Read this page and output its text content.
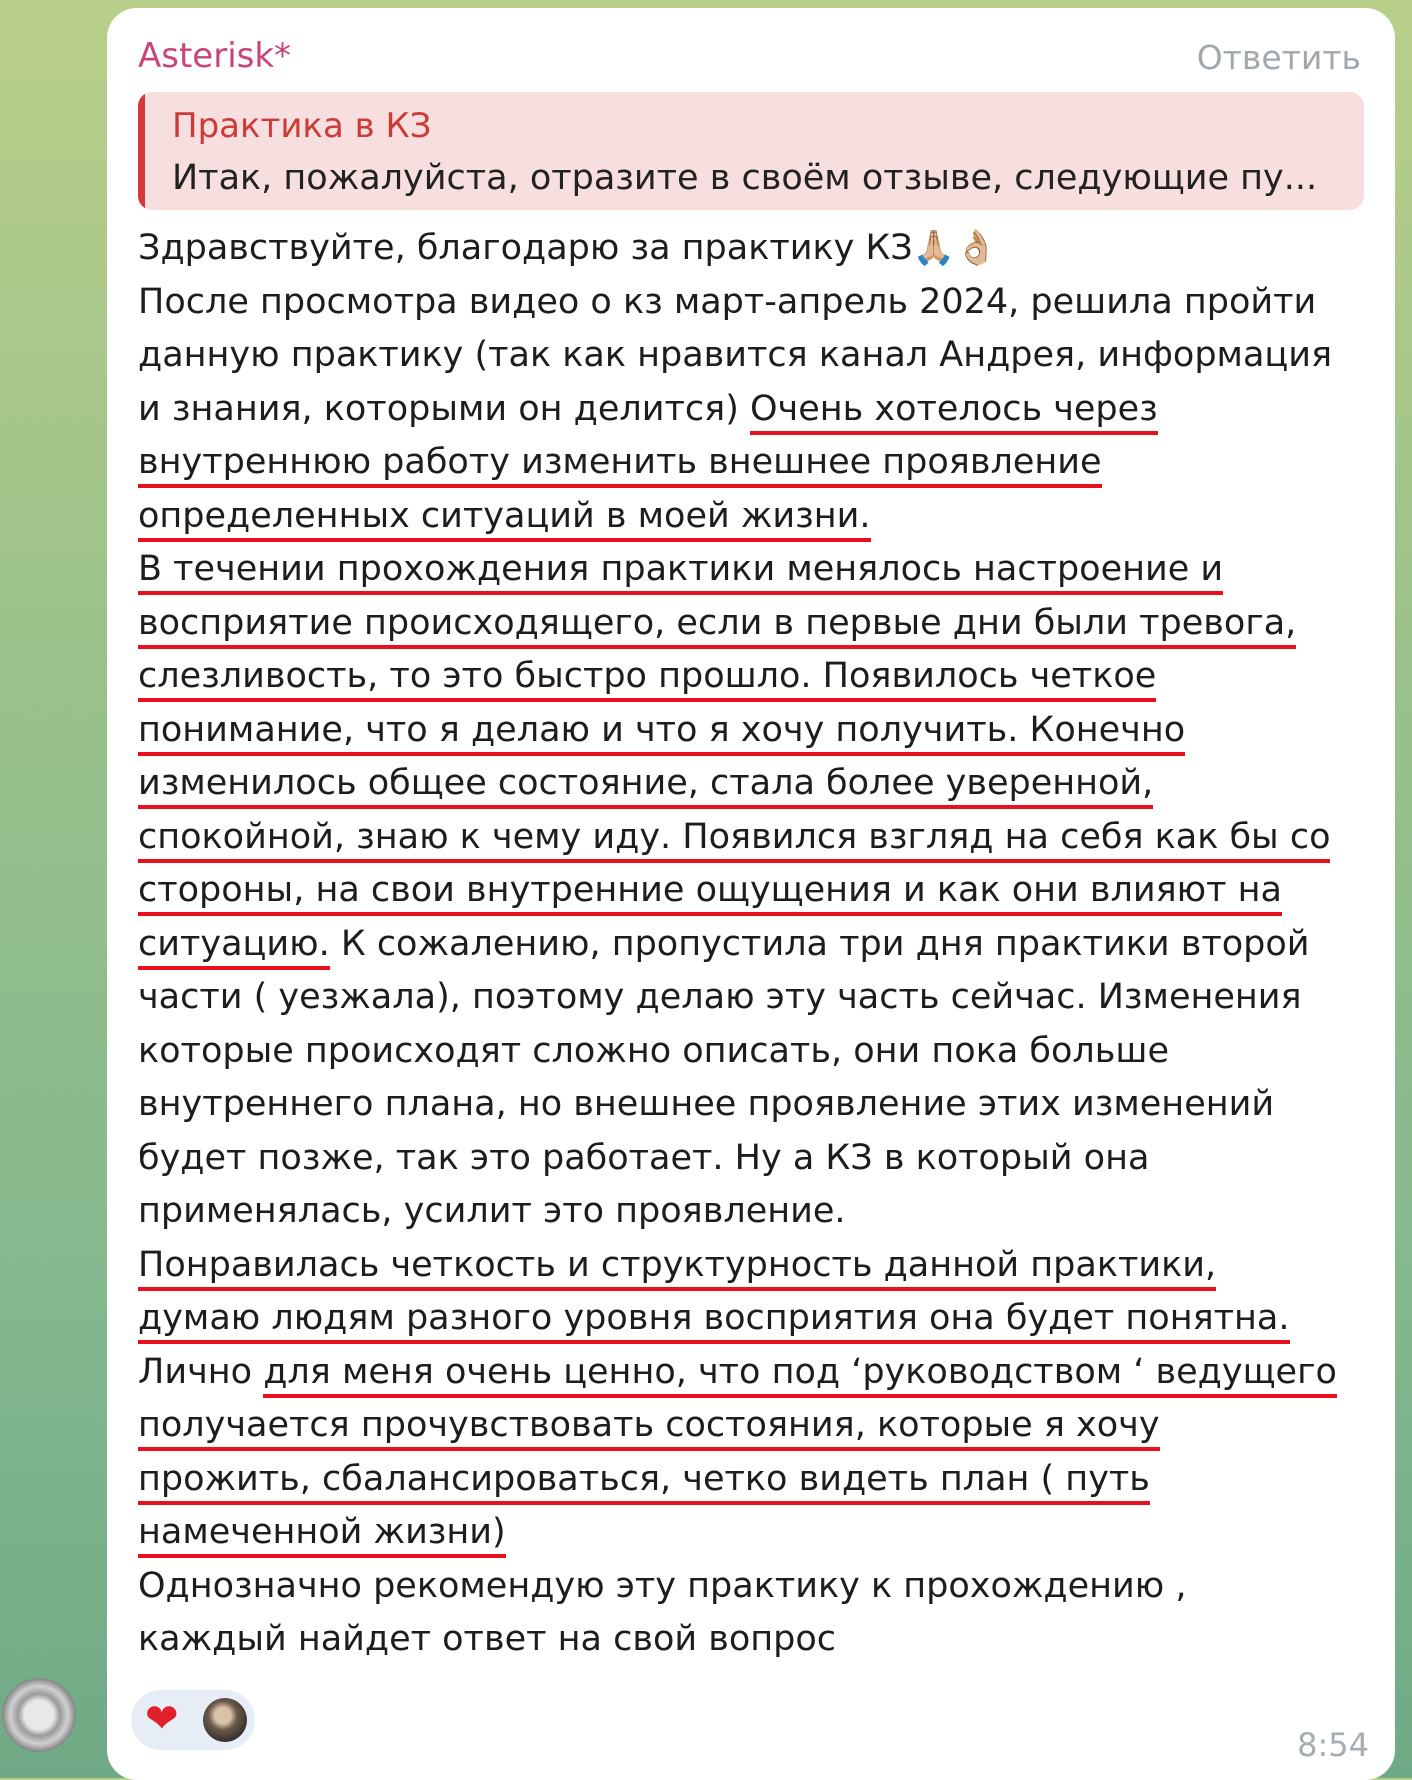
Asterisk*	Ответить
Практика в КЗ
Итак, пожалуйста, отразите в своём отзыве, следующие пу...
Здравствуйте, благодарю за практику КЗ🙏🏼👌🏼
После просмотра видео о кз март-апрель 2024, решила пройти
данную практику (так как нравится канал Андрея, информация
и знания, которыми он делится) Очень хотелось через
внутреннюю работу изменить внешнее проявление
определенных ситуаций в моей жизни.
В течении прохождения практики менялось настроение и
восприятие происходящего, если в первые дни были тревога,
слезливость, то это быстро прошло. Появилось четкое
понимание, что я делаю и что я хочу получить. Конечно
изменилось общее состояние, стала более уверенной,
спокойной, знаю к чему иду. Появился взгляд на себя как бы со
стороны, на свои внутренние ощущения и как они влияют на
ситуацию. К сожалению, пропустила три дня практики второй
части ( уезжала), поэтому делаю эту часть сейчас. Изменения
которые происходят сложно описать, они пока больше
внутреннего плана, но внешнее проявление этих изменений
будет позже, так это работает. Ну а КЗ в который она
применялась, усилит это проявление.
Понравилась четкость и структурность данной практики,
думаю людям разного уровня восприятия она будет понятна.
Лично для меня очень ценно, что под ‘руководством ‘ ведущего
получается прочувствовать состояния, которые я хочу
прожить, сбалансироваться, четко видеть план ( путь
намеченной жизни)
Однозначно рекомендую эту практику к прохождению ,
каждый найдет ответ на свой вопрос
❤
8:54
